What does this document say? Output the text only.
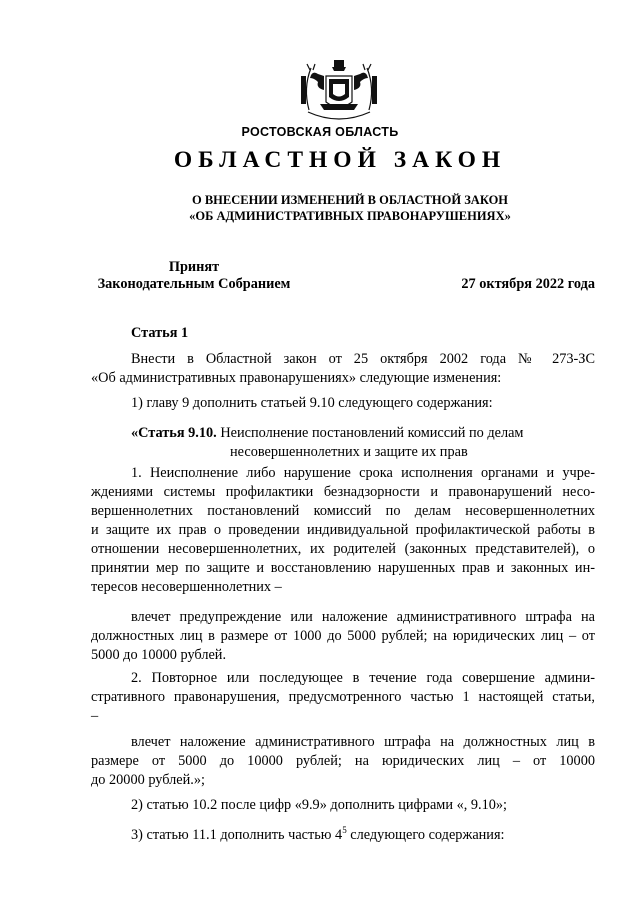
РОСТОВСКАЯ ОБЛАСТЬ
ОБЛАСТНОЙ ЗАКОН
О ВНЕСЕНИИ ИЗМЕНЕНИЙ В ОБЛАСТНОЙ ЗАКОН
«ОБ АДМИНИСТРАТИВНЫХ ПРАВОНАРУШЕНИЯХ»
Принят
Законодательным Собранием	27 октября 2022 года
Статья 1
Внести в Областной закон от 25 октября 2002 года № 273-ЗС
«Об административных правонарушениях» следующие изменения:
1) главу 9 дополнить статьей 9.10 следующего содержания:
«Статья 9.10. Неисполнение постановлений комиссий по делам
несовершеннолетних и защите их прав
1. Неисполнение либо нарушение срока исполнения органами и учре-
ждениями системы профилактики безнадзорности и правонарушений несо-
вершеннолетних постановлений комиссий по делам несовершеннолетних
и защите их прав о проведении индивидуальной профилактической работы в
отношении несовершеннолетних, их родителей (законных представителей), о
принятии мер по защите и восстановлению нарушенных прав и законных ин-
тересов несовершеннолетних –
влечет предупреждение или наложение административного штрафа на
должностных лиц в размере от 1000 до 5000 рублей; на юридических лиц – от
5000 до 10000 рублей.
2. Повторное или последующее в течение года совершение админи-
стративного правонарушения, предусмотренного частью 1 настоящей статьи,
–
влечет наложение административного штрафа на должностных лиц в
размере от 5000 до 10000 рублей; на юридических лиц – от 10000
до 20000 рублей.»;
2) статью 10.2 после цифр «9.9» дополнить цифрами «, 9.10»;
3) статью 11.1 дополнить частью $4^5$ следующего содержания:
